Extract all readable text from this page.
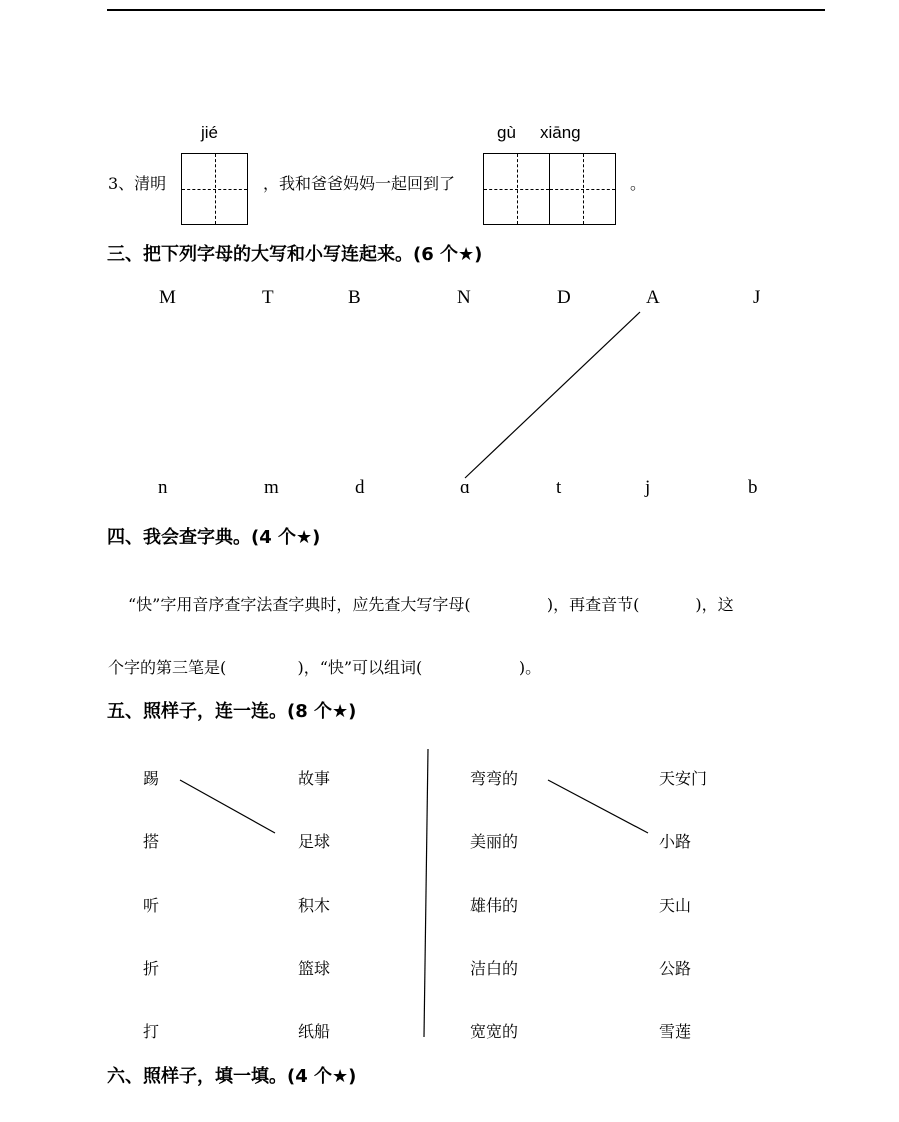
jié	gù xiāng
3、清明	，我和爸爸妈妈一起回到了	。
三、把下列字母的大写和小写连起来。(6 个★)
M	T	B	N	D	A	J
n	m	d	ɑ	t	j	b
四、我会查字典。(4 个★)
“快”字用音序查字法查字典时，应先查大写字母(               )，再查音节(           )，这
个字的第三笔是(              )，“快”可以组词(                   )。
五、照样子，连一连。(8 个★)
踢
搭
听
折
打
故事
足球
积木
篮球
纸船
弯弯的
美丽的
雄伟的
洁白的
宽宽的
天安门
小路
天山
公路
雪莲
六、照样子，填一填。(4 个★)
